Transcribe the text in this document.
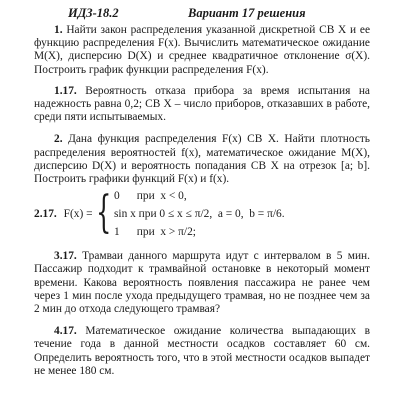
ИДЗ-18.2	Вариант 17 решения

1. Найти закон распределения указанной дискретной СВ X и ее функцию распределения F(x). Вычислить математическое ожидание M(X), дисперсию D(X) и среднее квадратичное отклонение σ(X). Построить график функции распределения F(x).

1.17. Вероятность отказа прибора за время испытания на надежность равна 0,2; СВ X – число приборов, отказавших в работе, среди пяти испытываемых.

2. Дана функция распределения F(x) СВ X. Найти плотность распределения вероятностей f(x), математическое ожидание M(X), дисперсию D(X) и вероятность попадания СВ X на отрезок [a; b]. Построить графики функций F(x) и f(x).

2.17. F(x) = { 0      при  x < 0,
sin x при 0 ≤ x ≤ π/2,  a = 0,  b = π/6.
1      при  x > π/2;

3.17. Трамваи данного маршрута идут с интервалом в 5 мин. Пассажир подходит к трамвайной остановке в некоторый момент времени. Какова вероятность появления пассажира не ранее чем через 1 мин после ухода предыдущего трамвая, но не позднее чем за 2 мин до отхода следующего трамвая?

4.17. Математическое ожидание количества выпадающих в течение года в данной местности осадков составляет 60 см. Определить вероятность того, что в этой местности осадков выпадет не менее 180 см.
